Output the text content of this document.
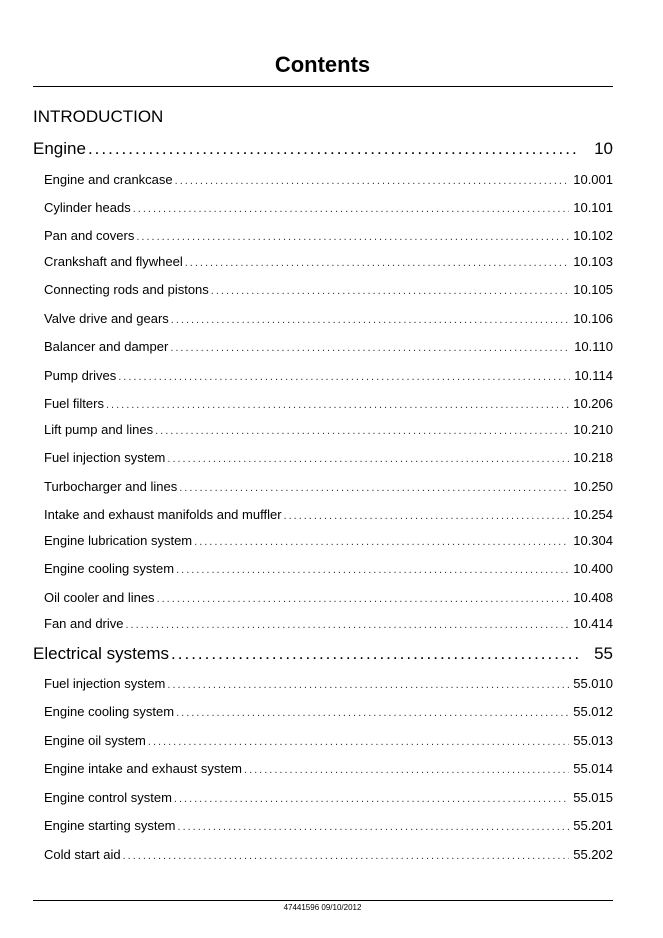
Contents
INTRODUCTION
Engine .....	10
Engine and crankcase .....	10.001
Cylinder heads .....	10.101
Pan and covers .....	10.102
Crankshaft and flywheel .....	10.103
Connecting rods and pistons .....	10.105
Valve drive and gears .....	10.106
Balancer and damper .....	10.110
Pump drives .....	10.114
Fuel filters .....	10.206
Lift pump and lines .....	10.210
Fuel injection system .....	10.218
Turbocharger and lines .....	10.250
Intake and exhaust manifolds and muffler .....	10.254
Engine lubrication system .....	10.304
Engine cooling system .....	10.400
Oil cooler and lines .....	10.408
Fan and drive .....	10.414
Electrical systems .....	55
Fuel injection system .....	55.010
Engine cooling system .....	55.012
Engine oil system .....	55.013
Engine intake and exhaust system .....	55.014
Engine control system .....	55.015
Engine starting system .....	55.201
Cold start aid .....	55.202
47441596 09/10/2012
